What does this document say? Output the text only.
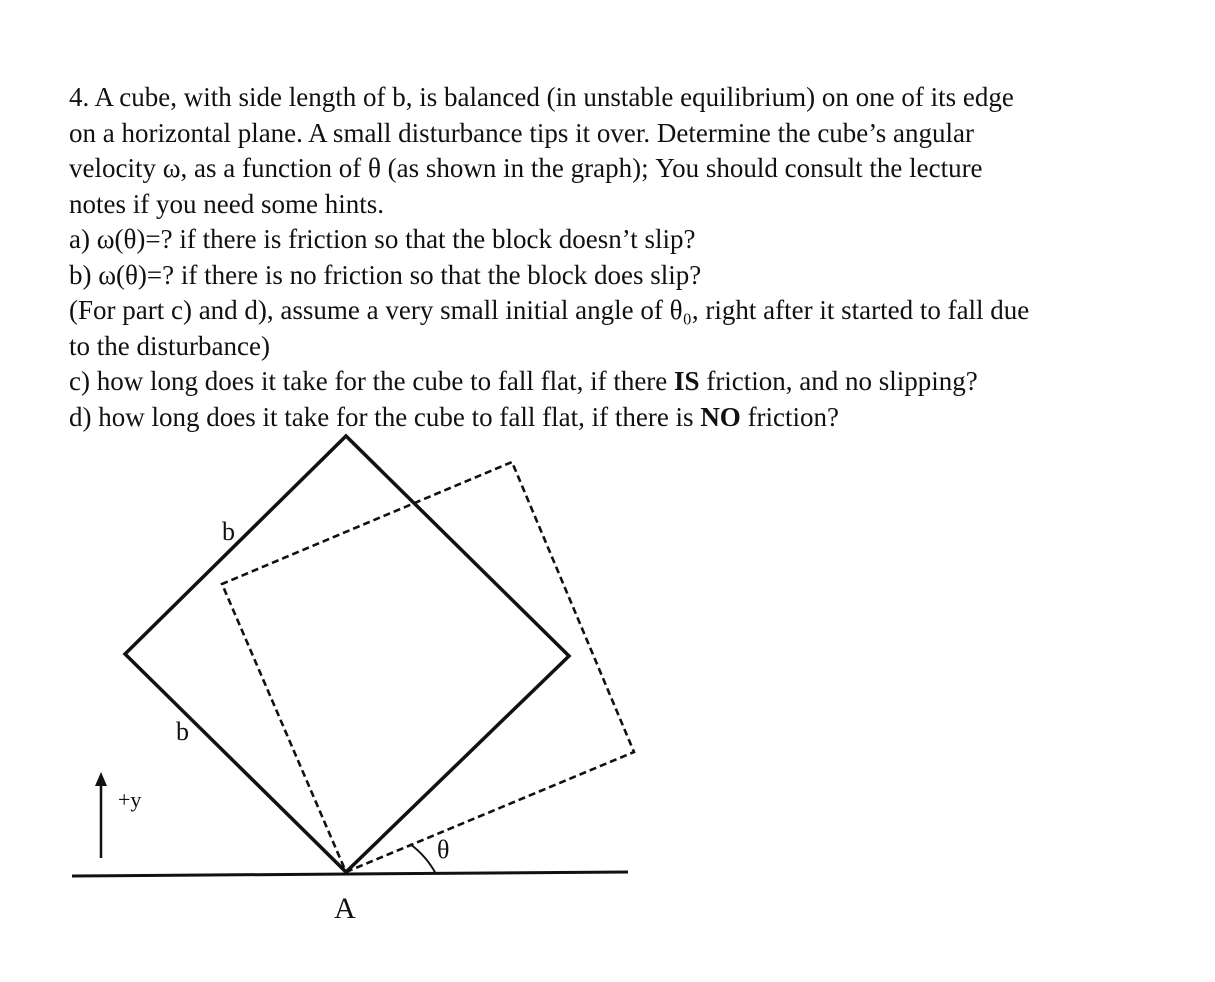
4. A cube, with side length of b, is balanced (in unstable equilibrium) on one of its edge

on a horizontal plane. A small disturbance tips it over. Determine the cube’s angular

velocity ω, as a function of θ (as shown in the graph); You should consult the lecture

notes if you need some hints.

a) ω(θ)=? if there is friction so that the block doesn’t slip?

b) ω(θ)=? if there is no friction so that the block does slip?

(For part c) and d), assume a very small initial angle of θ₀, right after it started to fall due

to the disturbance)

c) how long does it take for the cube to fall flat, if there IS friction, and no slipping?

d) how long does it take for the cube to fall flat, if there is NO friction?

b
b
+y
θ
A
